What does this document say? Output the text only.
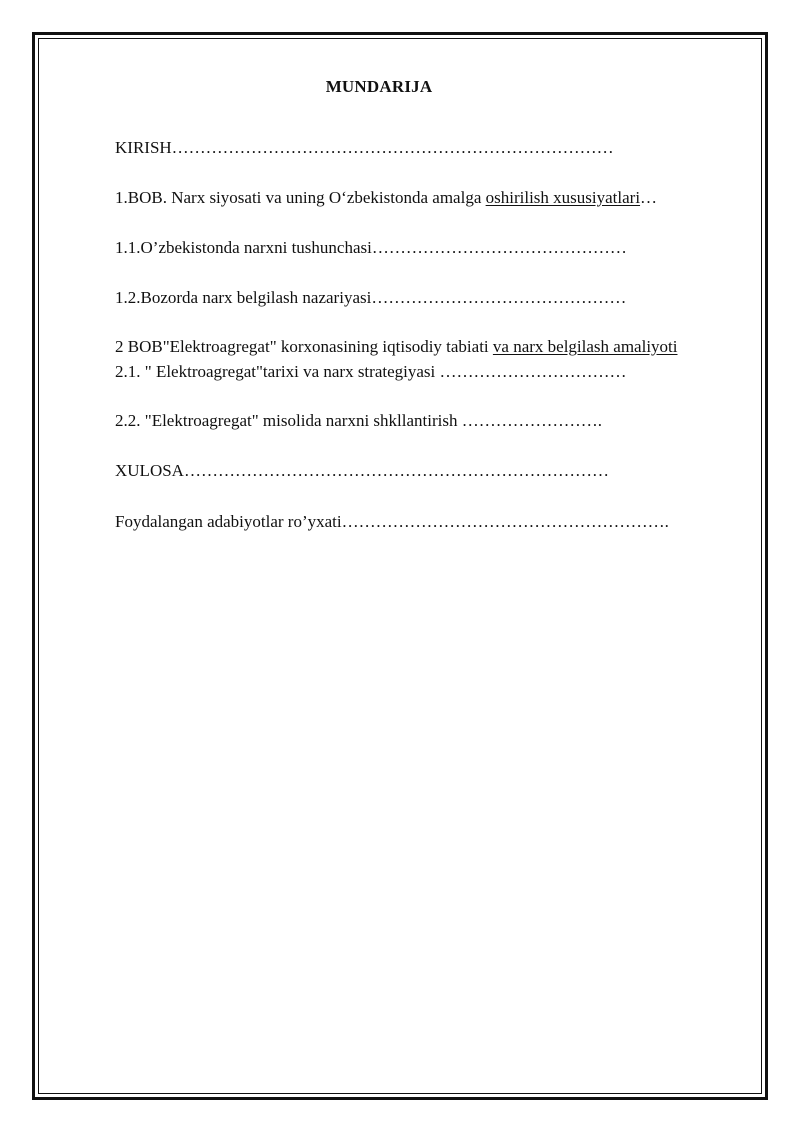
MUNDARIJA
KIRISH……………………………………………………………………
1.BOB. Narx siyosati va uning O‘zbekistonda amalga oshirilish xususiyatlari…
1.1.O’zbekistonda narxni tushunchasi………………………………………
1.2.Bozorda narx belgilash nazariyasi………………………………………
2 BOB"Elektroagregat" korxonasining iqtisodiy tabiati va narx belgilash amaliyoti
2.1. " Elektroagregat"tarixi va narx strategiyasi ……………………………
2.2. "Elektroagregat" misolida narxni shkllantirish …………………….
XULOSA…………………………………………………………………
Foydalangan adabiyotlar ro’yxati………………………………………………….
